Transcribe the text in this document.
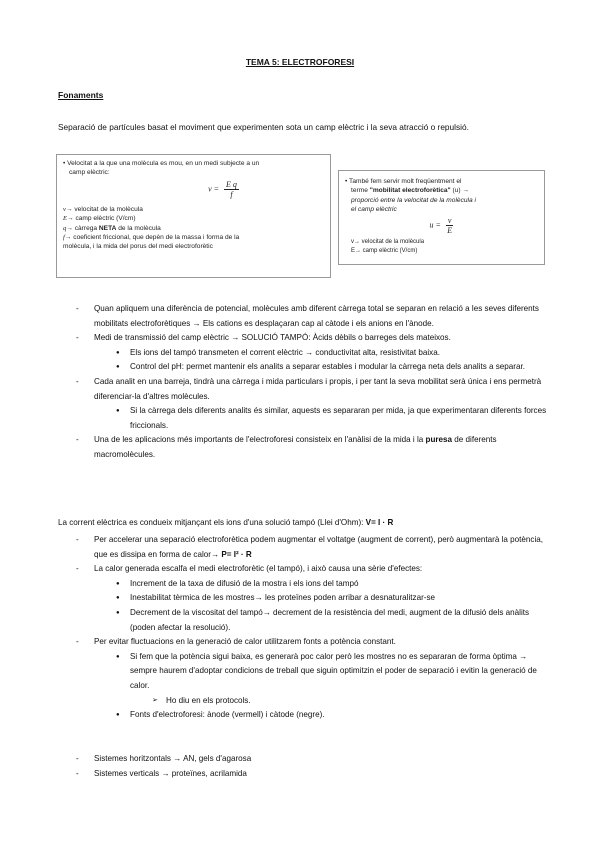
TEMA 5: ELECTROFORESI
Fonaments
Separació de partícules basat el moviment que experimenten sota un camp elèctric i la seva atracció o repulsió.
• Velocitat a la que una molècula es mou, en un medi subjecte a un
camp elèctric:
$v = \frac{\text{E q}}{f}$
v→ velocitat de la molècula
E→ camp elèctric (V/cm)
q→ càrrega NETA de la molècula
f→ coeficient friccional, que depèn de la massa i forma de la
molècula, i la mida del porus del medi electroforètic
• També fem servir molt freqüentment el
terme "mobilitat electroforètica" (u) →
proporció entre la velocitat de la molècula i
el camp elèctric
$u = \frac{v}{E}$
v→ velocitat de la molècula
E→ camp elèctric (V/cm)
- Quan apliquem una diferència de potencial, molècules amb diferent càrrega total se separan en relació a les seves diferents mobilitats electroforètiques → Els cations es desplaçaran cap al càtode i els anions en l'ànode.
- Medi de transmissió del camp elèctric → SOLUCIÓ TAMPÓ: Àcids dèbils o barreges dels mateixos.
● Els ions del tampó transmeten el corrent elèctric → conductivitat alta, resistivitat baixa.
● Control del pH: permet mantenir els analits a separar estables i modular la càrrega neta dels analits a separar.
- Cada analit en una barreja, tindrà una càrrega i mida particulars i propis, i per tant la seva mobilitat serà única i ens permetrà diferenciar-la d'altres molècules.
● Si la càrrega dels diferents analits és similar, aquests es separaran per mida, ja que experimentaran diferents forces friccionals.
- Una de les aplicacions més importants de l'electroforesi consisteix en l'anàlisi de la mida i la puresa de diferents macromolècules.
La corrent elèctrica es condueix mitjançant els ions d'una solució tampó (Llei d'Ohm): V= I · R
- Per accelerar una separació electroforètica podem augmentar el voltatge (augment de corrent), però augmentarà la potència, que es dissipa en forma de calor→ P= I² · R
- La calor generada escalfa el medi electroforètic (el tampó), i això causa una sèrie d'efectes:
● Increment de la taxa de difusió de la mostra i els ions del tampó
● Inestabilitat tèrmica de les mostres→ les proteïnes poden arribar a desnaturalitzar-se
● Decrement de la viscositat del tampó→ decrement de la resistència del medi, augment de la difusió dels anàlits (poden afectar la resolució).
- Per evitar fluctuacions en la generació de calor utilitzarem fonts a potència constant.
● Si fem que la potència sigui baixa, es generarà poc calor però les mostres no es separaran de forma òptima → sempre haurem d'adoptar condicions de treball que siguin optimitzin el poder de separació i evitin la generació de calor.
➢ Ho diu en els protocols.
● Fonts d'electroforesi: ànode (vermell) i càtode (negre).
- Sistemes horitzontals → AN, gels d'agarosa
- Sistemes verticals → proteïnes, acrilamida
